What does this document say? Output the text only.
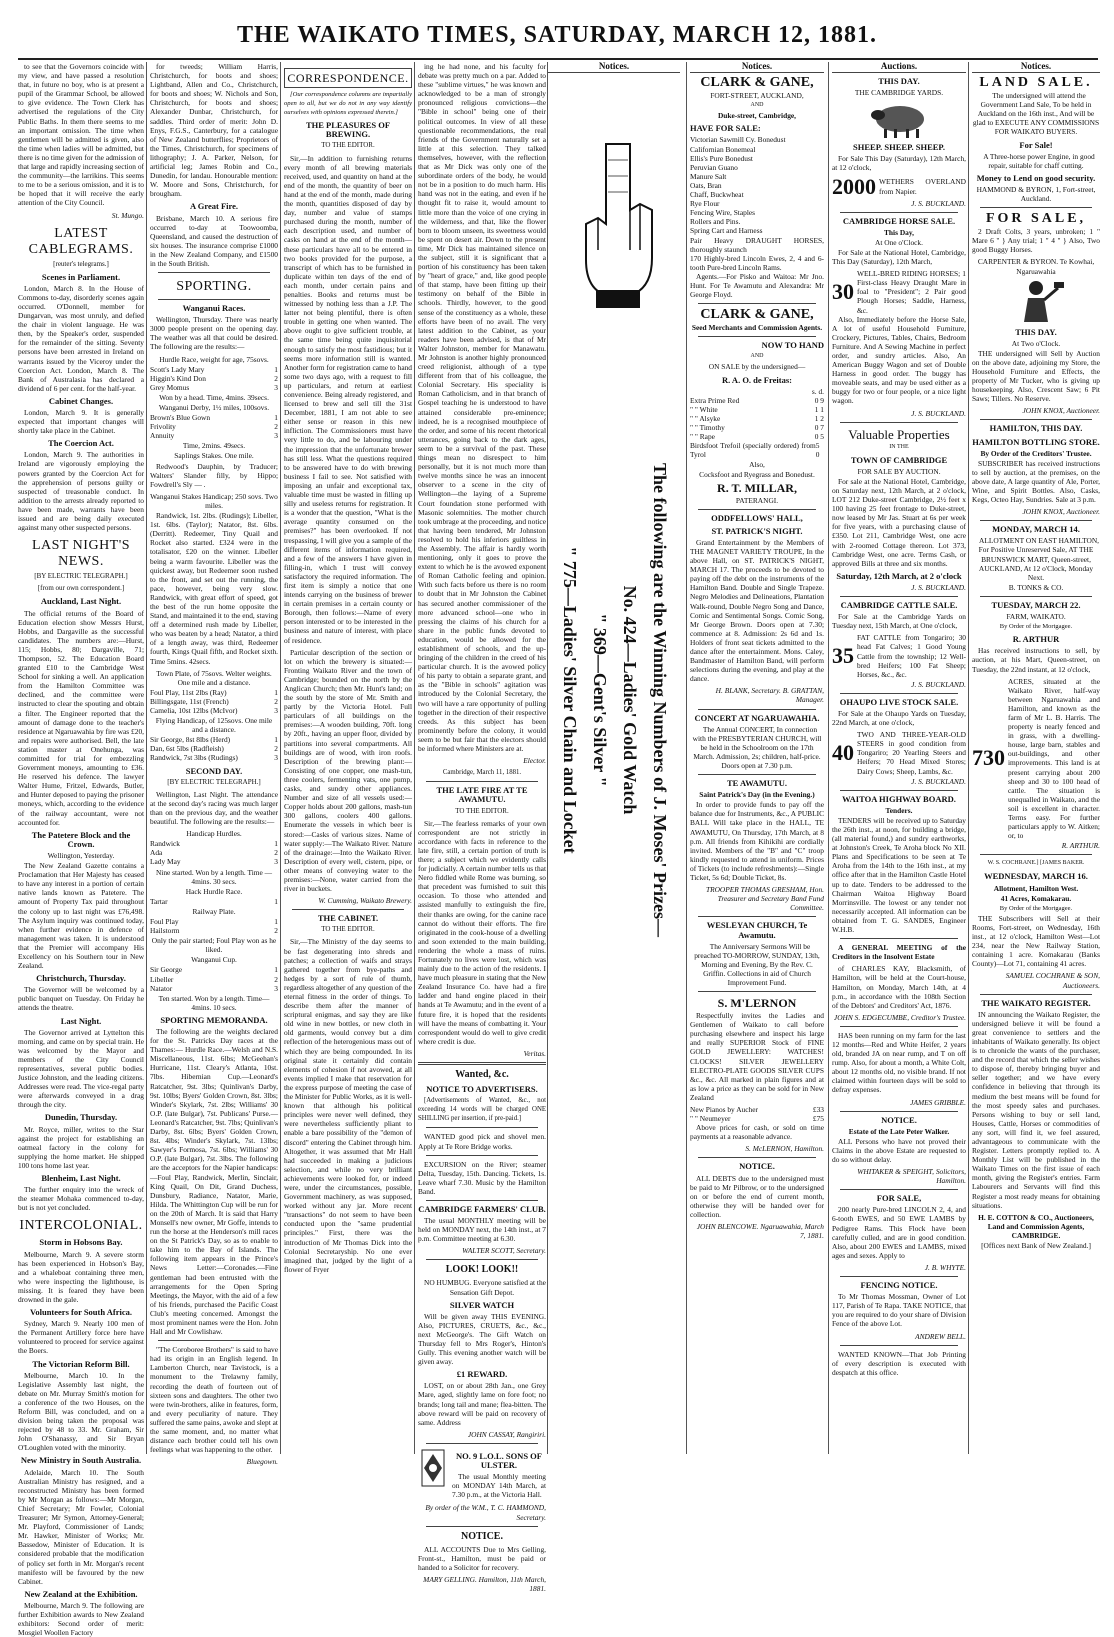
THE WAIKATO TIMES, SATURDAY, MARCH 12, 1881.

to see that the Governors coincide with my view, and have passed a resolution that, in future no boy, who is at present a pupil of the Grammar School, be allowed to give evidence. The Town Clerk has advertised the regulations of the City Public Baths. In them there seems to me an important omission. The time when gentlemen will be admitted is given, also the time when ladies will be admitted, but there is no time given for the admission of that large and rapidly increasing section of the community—the larrikins. This seems to me to be a serious omission, and it is to be hoped that it will receive the early attention of the City Council.

St. Mungo.
LATEST CABLEGRAMS.
[reuter's telegrams.]
Scenes in Parliament.

London, March 8. In the House of Commons to-day, disorderly scenes again occurred. O'Donnell, member for Dungarvan, was most unruly, and defied the chair in violent language. He was then, by the Speaker's order, suspended for the remainder of the sitting. Seventy persons have been arrested in Ireland on warrants issued by the Viceroy under the Coercion Act. London, March 8. The Bank of Australasia has declared a dividend of 6 per cent. for the half-year.

Cabinet Changes.

London, March 9. It is generally expected that important changes will shortly take place in the Cabinet.

The Coercion Act.

London, March 9. The authorities in Ireland are vigorously employing the powers granted by the Coercion Act for the apprehension of persons guilty or suspected of treasonable conduct. In addition to the arrests already reported to have been made, warrants have been issued and are being daily executed against many other suspected persons.

LAST NIGHT'S NEWS.
[BY ELECTRIC TELEGRAPH.]
[from our own correspondent.]
Auckland, Last Night.

The official returns of the Board of Education election show Messrs Hurst, Hobbs, and Dargaville as the successful candidates. The numbers are:—Hurst, 115; Hobbs, 80; Dargaville, 71; Thompson, 52. The Education Board granted £10 to the Cambridge West School for sinking a well. An application from the Hamilton Committee was declined, and the committee were instructed to clear the spouting and obtain a filter. The Engineer reported that the amount of damage done to the teacher's residence at Ngaruawahia by fire was £20, and repairs were authorised. Bell, the late station master at Onehunga, was committed for trial for embezzling Government moneys, amounting to £36. He reserved his defence. The lawyer Walter Hume, Fritzel, Edwards, Butler, and Hunter deposed to paying the prisoner moneys, which, according to the evidence of the railway accountant, were not accounted for.

The Patetere Block and the Crown.
Wellington, Yesterday.

The New Zealand Gazette contains a Proclamation that Her Majesty has ceased to have any interest in a portion of certain native lands known as Patetere. The amount of Property Tax paid throughout the colony up to last night was £76,498. The Asylum inquiry was continued today, when further evidence in defence of management was taken. It is understood that the Premier will accompany His Excellency on his Southern tour in New Zealand.

Christchurch, Thursday.

The Governor will be welcomed by a public banquet on Tuesday. On Friday he attends the theatre.

Last Night.

The Governor arrived at Lyttelton this morning, and came on by special train. He was welcomed by the Mayor and members of the City Council representatives, several public bodies. Justice Johnston, and the leading citizens. Addresses were read. The vice-regal party were afterwards conveyed in a drag through the city.

Dunedin, Thursday.

Mr. Royce, miller, writes to the Star against the project for establishing an oatmeal factory in the colony for supplying the home market. He shipped 100 tons home last year.

Blenheim, Last Night.

The further enquiry into the wreck of the steamer Mohaka commenced to-day, but is not yet concluded.

INTERCOLONIAL.
Storm in Hobsons Bay.

Melbourne, March 9. A severe storm has been experienced in Hobson's Bay, and a whaleboat containing three men, who were inspecting the lighthouse, is missing. It is feared they have been drowned in the gale.

Volunteers for South Africa.

Sydney, March 9. Nearly 100 men of the Permanent Artillery force here have volunteered to proceed for service against the Boers.

The Victorian Reform Bill.

Melbourne, March 10. In the Legislative Assembly last night, the debate on Mr. Murray Smith's motion for a conference of the two Houses, on the Reform Bill, was concluded, and on a division being taken the proposal was rejected by 48 to 33. Mr. Graham, Sir John O'Shanassy, and Sir Bryan O'Loughlen voted with the minority.

New Ministry in South Australia.

Adelaide, March 10. The South Australian Ministry has resigned, and a reconstructed Ministry has been formed by Mr Morgan as follows:—Mr Morgan, Chief Secretary; Mr Fowler, Colonial Treasurer; Mr Symon, Attorney-General; Mr. Playford, Commissioner of Lands; Mr. Hawker, Minister of Works; Mr. Bassedow, Minister of Education. It is considered probable that the modification of policy set forth in Mr. Morgan's recent manifesto will be favoured by the new Cabinet.

New Zealand at the Exhibition.

Melbourne, March 9. The following are further Exhibition awards to New Zealand exhibitors: Second order of merit: Mosgiel Woollen Factory

for tweeds; William Harris, Christchurch, for boots and shoes; Lightband, Allen and Co., Christchurch, for boots and shoes; W. Nichols and Son, Christchurch, for boots and shoes; Alexander Dunbar, Christchurch, for saddles. Third order of merit: John D. Enys, F.G.S., Canterbury, for a catalogue of New Zealand butterflies; Proprietors of the Times, Christchurch, for specimens of lithography; J. A. Parker, Nelson, for artificial leg; James Robin and Co., Dunedin, for landau. Honourable mention: W. Moore and Sons, Christchurch, for brougham.

A Great Fire.

Brisbane, March 10. A serious fire occurred to-day at Toowoomba, Queensland, and caused the destruction of six houses. The insurance comprise £1000 in the New Zealand Company, and £1500 in the South British.

SPORTING.
Wanganui Races.

Wellington, Thursday. There was nearly 3000 people present on the opening day. The weather was all that could be desired. The following are the results:—

Hurdle Race, weight for age, 75sovs.
Scott's Lady Mary	1
Higgin's Kind Don	2
Grey Momus	3
Won by a head. Time, 4mins. 39secs.
Wanganui Derby, 1½ miles, 100sovs.
Brown's Blue Gown	1
Frivolity	2
Annuity	3
Time, 2mins. 49secs.
Saplings Stakes. One mile.

Redwood's Dauphin, by Traducer; Walters' Slander filly, by Hippo; Fowdrell's Sly — .

Wanganui Stakes Handicap; 250 sovs. Two miles.

Randwick, 1st. 2lbs. (Rudings); Libeller, 1st. 6lbs. (Taylor); Natator, 8st. 6lbs. (Derritt). Redeemer, Tiny Quail and Rocket also started. £324 were in the totalisator, £20 on the winner. Libeller being a warm favourite. Libeller was the quickest away, but Redeemer soon rushed to the front, and set out the running, the pace, however, being very slow. Randwick, with great effort of speed, got the best of the run home opposite the Stand, and maintained it to the end, staving off a determined rush made by Libeller, who was beaten by a head; Natator, a third of a length away, was third, Redeemer fourth, Kings Quail fifth, and Rocket sixth. Time 5mins. 42secs.

Town Plate, of 75sovs. Welter weights. One mile and a distance.
Foul Play, 11st 2lbs (Ray)	1
Billingsgate, 11st (French)	2
Camelia, 10st 12lbs (McIvor)	3
Flying Handicap, of 125sovs. One mile and a distance.
Sir George, 8st 8lbs (Herd)	1
Dan, 6st 5lbs (Radfleish)	2
Randwick, 7st 3lbs (Rudings)	3
SECOND DAY.
[BY ELECTRIC TELEGRAPH.]

Wellington, Last Night. The attendance at the second day's racing was much larger than on the previous day, and the weather beautiful. The following are the results:—

Handicap Hurdles.
Randwick	1
Ada	2
Lady May	3
Nine started. Won by a length. Time —4mins. 30 secs.
Hack Hurdle Race.
Tartar	1
Railway Plate.
Foul Play	1
Hailstorm	2
Only the pair started; Foul Play won as he liked.
Wanganui Cup.
Sir George	1
Libeller	2
Natator	3
Ten started. Won by a length. Time—4mins. 10 secs.
SPORTING MEMORANDA.

The following are the weights declared for the St. Patricks Day races at the Thames:— Hurdle Race.—Welsh and N.S. Miscellaneous, 11st. 6lbs; McGeehan's Hurricane, 11st. Cleary's Atlanta, 10st. 7lbs. Hibernian Cup.—Leonard's Ratcatcher, 9st. 3lbs; Quinlivan's Darby, 9st. 10lbs; Byers' Golden Crown, 8st. 3lbs; Winder's Skylark, 7st. 2lbs; Williams' 30 O.P. (late Bulgar), 7st. Publicans' Purse.—Leonard's Ratcatcher, 9st. 7lbs; Quinlivan's Darby, 8st. 6lbs; Byers' Golden Crown, 8st. 4lbs; Winder's Skylark, 7st. 13lbs; Sawyer's Formosa, 7st. 6lbs; Williams' 30 O.P. (late Bulgar), 7st. 3lbs. The following are the acceptors for the Napier handicaps:—Foul Play, Randwick, Merlin, Sinclair, King Quail, On Dit, Grand Duchess, Dunsbury, Radiance, Natator, Marie, Hilda. The Whittington Cup will be run for on the 20th of March. It is said that Harry Monsell's new owner, Mr Goffe, intends to run the horse at the Henderson's mill races on the St Patrick's Day, so as to enable to take him to the Bay of Islands. The following item appears in the Prince's News Letter:—Coronades.—Fine gentleman had been entrusted with the arrangements for the Open Spring Meetings, the Mayor, with the aid of a few of his friends, purchased the Pacific Coast Club's meeting concerned. Amongst the most prominent names were the Hon. John Hall and Mr Cowlishaw.

"The Coroboree Brothers" is said to have had its origin in an English legend. In Lamberton Church, near Tavistock, is a monument to the Trelawny family, recording the death of fourteen out of sixteen sons and daughters. The other two were twin-brothers, alike in features, form, and every peculiarity of nature. They suffered the same pains, awoke and slept at the same moment, and, no matter what distance each brother could tell his own feelings what was happening to the other.

Bluegown.
CORRESPONDENCE.

[Our correspondence columns are impartially open to all, but we do not in any way identify ourselves with opinions expressed therein.]

THE PLEASURES OF BREWING.
TO THE EDITOR.

Sir,—In addition to furnishing returns every month of all brewing materials received, used, and quantity on hand at the end of the month, the quantity of beer on hand at the end of the month, made during the month, quantities disposed of day by day, number and value of stamps purchased during the month, number of each description used, and number of casks on hand at the end of the month—these particulars have all to be entered in two books provided for the purpose, a transcript of which has to be furnished in duplicate within ten days of the end of each month, under certain pains and penalties. Books and returns must be witnessed by nothing less than a J.P. The latter not being plentiful, there is often trouble in getting one when wanted. The above ought to give sufficient trouble, at the same time being quite inquisitorial enough to satisfy the most fastidious; but it seems more information still is wanted. Another form for registration came to hand some two days ago, with a request to fill up particulars, and return at earliest convenience. Being already registered, and licensed to brew and sell till the 31st December, 1881, I am not able to see either sense or reason in this new infliction. The Commissioners must have very little to do, and be labouring under the impression that the unfortunate brewer has still less. What the questions required to be answered have to do with brewing business I fail to see. Not satisfied with imposing an unfair and exceptional tax, valuable time must be wasted in filling up silly and useless returns for registration. It is a wonder that the question, "What is the average quantity consumed on the premises?" has been overlooked. If not trespassing, I will give you a sample of the different items of information required, and a few of the answers I have given in filling-in, which I trust will convey satisfactory the required information. The first item is simply a notice that one intends carrying on the business of brewer in certain premises in a certain county or Borough, then follows:—Name of every person interested or to be interested in the business and nature of interest, with place of residence.

Particular description of the section or lot on which the brewery is situated:—Fronting Waikato River and the town of Cambridge; bounded on the north by the Anglican Church; then Mr. Hunt's land; on the south by the store of Mr. Smith and partly by the Victoria Hotel. Full particulars of all buildings on the premises:—A wooden building, 70ft. long by 20ft., having an upper floor, divided by partitions into several compartments. All buildings are of wood, with iron roofs. Description of the brewing plant:—Consisting of one copper, one mash-tun, three coolers, fermenting vats, one pump, casks, and sundry other appliances. Number and size of all vessels used:—Copper holds about 200 gallons, mash-tun 300 gallons, coolers 400 gallons. Enumerate the vessels in which beer is stored:—Casks of various sizes. Name of water supply:—The Waikato River. Nature of the drainage:—Into the Waikato River. Description of every well, cistern, pipe, or other means of conveying water to the premises:—None, water carried from the river in buckets.

W. Cumming, Waikato Brewery.
THE CABINET.
TO THE EDITOR.

Sir,—The Ministry of the day seems to be fast degenerating into shreds and patches; a collection of waifs and strays gathered together from bye-paths and hedges by a sort of rule of thumb, regardless altogether of any question of the eternal fitness in the order of things. To describe them after the manner of scriptural enigmas, and say they are like old wine in new bottles, or new cloth in old garments, would convey but a dim reflection of the heterogenious mass out of which they are being compounded. In its original state it certainly did contain elements of cohesion if not avowed, at all events implied I make that reservation for the express purpose of meeting the case of the Minister for Public Works, as it is well-known that although his political principles were never well defined, they were nevertheless sufficiently pliant to enable a bare possibility of the "demon of discord" entering the Cabinet through him. Altogether, it was assumed that Mr Hall had succeeded in making a judicious selection, and while no very brilliant achievements were looked for, or indeed were, under the circumstances, possible, Government machinery, as was supposed, worked without any jar. More recent "transactions" do not seem to have been conducted upon the "same prudential principles." First, there was the introduction of Mr Thomas Dick into the Colonial Secretaryship. No one ever imagined that, judged by the light of a flower of Fryer

ing he had none, and his faculty for debate was pretty much on a par. Added to these "sublime virtues," he was known and acknowledged to be a man of strongly pronounced religious convictions—the "Bible in school" being one of their political outcomes. In view of all these questionable recommendations, the real friends of the Government naturally set a little at this selection. They talked themselves, however, with the reflection that as Mr Dick was only one of the subordinate orders of the body, he would not be in a position to do much harm. His hand was not in the eating, and even if he thought fit to raise it, would amount to little more than the voice of one crying in the wilderness, and that, like the flower born to bloom unseen, its sweetness would be spent on desert air. Down to the present time, Mr Dick has maintained silence on the subject, still it is significant that a portion of his constituency has been taken by "heart of grace," and, like good people of that stamp, have been fitting up their testimony on behalf of the Bible in schools. Thirdly, however, to the good sense of the constituency as a whole, these efforts have been of no avail. The very latest addition to the Cabinet, as your readers have been advised, is that of Mr Walter Johnston, member for Manawatu. Mr Johnston is another highly pronounced creed religionist, although of a type different from that of his colleague, the Colonial Secretary. His speciality is Roman Catholicism, and in that branch of Gospel teaching he is understood to have attained considerable pre-eminence; indeed, he is a recognised mouthpiece of the order, and some of his recent rhetorical utterances, going back to the dark ages, seem to be a survival of the past. These things mean no disrespect to him personally, but it is not much more than twelve months since he was an innocent observer to a scene in the city of Wellington—the laying of a Supreme Court foundation stone performed with Masonic solemnities. The mother church took umbrage at the proceeding, and notice that having been tendered, Mr Johnston resolved to hold his inferiors guiltless in the Assembly. The affair is hardly worth mentioning, only it goes to prove the extent to which he is the avowed exponent of Roman Catholic feeling and opinion. With such facts before us there is no room to doubt that in Mr Johnston the Cabinet has secured another commissioner of the more advanced school—one who in pressing the claims of his church for a share in the public funds devoted to education, would be allowed for the establishment of schools, and the up-bringing of the children in the creed of his particular church. It is the avowed policy of his party to obtain a separate grant, and as the "Bible in schools" agitation was introduced by the Colonial Secretary, the two will have a rare opportunity of pulling together in the direction of their respective creeds. As this subject has been prominently before the colony, it would seem to be but fair that the electors should be informed where Ministers are at.

Elector.
Cambridge, March 11, 1881.
THE LATE FIRE AT TE AWAMUTU.
TO THE EDITOR.

Sir,—The fearless remarks of your own correspondent are not strictly in accordance with facts in reference to the late fire, still, a certain portion of truth is there; a subject which we evidently calls for judicially. A certain number tells us that Nero fiddled while Rome was burning, so that precedent was furnished to suit this occasion. To those who attended and assisted manfully to extinguish the fire, their thanks are owing, for the canine race cannot do without their efforts. The fire originated in the cook-house of a dwelling and soon extended to the main building, rendering the whole a mass of ruins. Fortunately no lives were lost, which was mainly due to the action of the residents. I have much pleasure in stating that the New Zealand Insurance Co. have had a fire ladder and hand engine placed in their hands at Te Awamutu; and in the event of a future fire, it is hoped that the residents will have the means of combatting it. Your correspondent would do well to give credit where credit is due.

Veritas.
Wanted, &c.
NOTICE TO ADVERTISERS.

[Advertisements of Wanted, &c., not exceeding 14 words will be charged ONE SHILLING per insertion, if pre-paid.]

WANTED good pick and shovel men. Apply at Te Rore Bridge works.

EXCURSION on the River; steamer Delta, Tuesday, 15th. Dancing. Tickets, 1s. Leave wharf 7.30. Music by the Hamilton Band.

CAMBRIDGE FARMERS' CLUB.

The usual MONTHLY meeting will be held on MONDAY next, the 14th inst., at 7 p.m. Committee meeting at 6.30.

WALTER SCOTT, Secretary.
LOOK! LOOK!!

NO HUMBUG. Everyone satisfied at the Sensation Gift Depot.

SILVER WATCH

Will be given away THIS EVENING. Also, PICTURES, CRUETS, &c., &c., next McGeorge's. The Gift Watch on Thursday fell to Mrs Roger's, Hinton's Gully. This evening another watch will be given away.

£1 REWARD.

LOST, on or about 28th Jan., one Grey Mare, aged, slightly lame on fore foot; no brands; long tail and mane; flea-bitten. The above reward will be paid on recovery of same. Address

JOHN CASSAY, Rangiriri.
NO. 9 L.O.L. SONS OF ULSTER.

The usual Monthly meeting on MONDAY 14th March, at 7.30 p.m., at the Victoria Hall.

By order of the W.M., T. C. HAMMOND, Secretary.
NOTICE.

ALL ACCOUNTS Due to Mrs Gelling, Front-st., Hamilton, must be paid or handed to a Solicitor for recovery.

MARY GELLING. Hamilton, 11th March, 1881.
Notices.
The following are the Winning Numbers of J. Moses' Prizes—
No. 424—Ladies' Gold Watch
" 369—Gent's Silver "
" 775—Ladies' Silver Chain and Locket
Notices.
CLARK & GANE,
FORT-STREET, AUCKLAND,
AND
Duke-street, Cambridge,
HAVE FOR SALE:
Victorian Sawmill Cy. Bonedust
Californian Bonemeal
Ellis's Pure Bonedust
Peruvian Guano
Manure Salt
Oats, Bran
Chaff, Buckwheat
Rye Flour
Fencing Wire, Staples
Rollers and Pins.
Spring Cart and Harness
Pair Heavy DRAUGHT HORSES, thoroughly staunch
170 Highly-bred Lincoln Ewes, 2, 4 and 6-tooth Pure-bred Lincoln Rams.

Agents.—For Pisko and Waitoa: Mr Jno. Hunt. For Te Awamutu and Alexandra: Mr George Floyd.

CLARK & GANE,
Seed Merchants and Commission Agents.
NOW TO HAND
AND
ON SALE by the undersigned—
R. A. O. de Freitas:
s. d.
Extra Prime Red	0 9
" " White	1 1
" " Alsyke	1 2
" " Timothy	0 7
" " Rape	0 5
Birdsfoot Trefoil (specially ordered) from Tyrol
5 0
Also,
Cocksfoot and Ryegrass and Bonedust.
R. T. MILLAR,
PATERANGI.
ODDFELLOWS' HALL,
ST. PATRICK'S NIGHT.

Grand Entertainment by the Members of THE MAGNET VARIETY TROUPE, In the above Hall, on ST. PATRICK'S NIGHT, MARCH 17. The proceeds to be devoted to paying off the debt on the instruments of the Hamilton Band. Double and Single Trapeze. Negro Melodies and Delineations, Plantation Walk-round, Double Negro Song and Dance, Comic and Sentimental Songs. Comic Song, Mr George Brown. Doors open at 7.30; commence at 8. Admission: 2s 6d and 1s. Holders of front seat tickets admitted to the dance after the entertainment. Mons. Caley, Bandmaster of Hamilton Band, will perform selections during the evening, and play at the dance.

H. BLANK, Secretary. B. GRATTAN, Manager.
CONCERT AT NGARUAWAHIA.

The Annual CONCERT, In connection with the PRESBYTERIAN CHURCH, will be held in the Schoolroom on the 17th March. Admission, 2s; children, half-price. Doors open at 7.30 p.m.

TE AWAMUTU.
Saint Patrick's Day (in the Evening.)

In order to provide funds to pay off the balance due for Instruments, &c., A PUBLIC BALL Will take place in the HALL, TE AWAMUTU, On Thursday, 17th March, at 8 p.m. All friends from Kihikihi are cordially invited. Members of the "B" and "C" troop kindly requested to attend in uniform. Prices of Tickets (to include refreshments):—Single Ticket, 5s 6d; Double Ticket, 8s.

TROOPER THOMAS GRESHAM, Hon. Treasurer and Secretary Band Fund Committee.
WESLEYAN CHURCH, Te Awamutu.

The Anniversary Sermons Will be preached TO-MORROW, SUNDAY, 13th, Morning and Evening, By the Rev. C. Griffin. Collections in aid of Church Improvement Fund.

S. M'LERNON

Respectfully invites the Ladies and Gentlemen of Waikato to call before purchasing elsewhere and inspect his large and really SUPERIOR Stock of FINE GOLD JEWELLERY: WATCHES! CLOCKS! SILVER JEWELLERY ELECTRO-PLATE GOODS SILVER CUPS &c., &c. All marked in plain figures and at as low a price as they can be sold for in New Zealand

New Pianos by Aucher	£33
" " Neumeyer	£75

Above prices for cash, or sold on time payments at a reasonable advance.

S. McLERNON, Hamilton.
NOTICE.

ALL DEBTS due to the undersigned must be paid to Mr Pilbrow, or to the undersigned on or before the end of current month, otherwise they will be handed over for collection.

JOHN BLENCOWE. Ngaruawahia, March 7, 1881.
Auctions.
THIS DAY.
THE CAMBRIDGE YARDS.
SHEEP. SHEEP. SHEEP.

For Sale This Day (Saturday), 12th March, at 12 o'clock,

2000 WETHERS OVERLAND from Napier.
J. S. BUCKLAND.
CAMBRIDGE HORSE SALE.
This Day,
At One o'Clock.

For Sale at the National Hotel, Cambridge, This Day (Saturday), 12th March,

30
WELL-BRED RIDING HORSES; 1 First-class Heavy Draught Mare in foal to "President"; 2 Pair good Plough Horses; Saddle, Harness, &c.

Also, Immediately before the Horse Sale, A lot of useful Household Furniture, Crockery, Pictures, Tables, Chairs, Bedroom Furniture. And A Sewing Machine in perfect order, and sundry articles. Also, An American Buggy Wagon and set of Double Harness in good order. The buggy has moveable seats, and may be used either as a buggy for two or four people, or a nice light wagon.

J. S. BUCKLAND.
Valuable Properties
IN THE
TOWN OF CAMBRIDGE
FOR SALE BY AUCTION.

For sale at the National Hotel, Cambridge, on Saturday next, 12th March, at 2 o'clock, LOT 212 Duke-street Cambridge, 2½ feet x 100 having 25 feet frontage to Duke-street, now leased by Mr Jas. Stuart at 6s per week for five years, with a purchasing clause of £350. Lot 211, Cambridge West, one acre with 2-roomed Cottage thereon. Lot 373, Cambridge West, one acre. Terms Cash, or approved Bills at three and six months.

Saturday, 12th March, at 2 o'clock
J. S. BUCKLAND.
CAMBRIDGE CATTLE SALE.

For Sale at the Cambridge Yards on Tuesday next, 15th March, at One o'clock,

35
FAT CATTLE from Tongariro; 30 head Fat Calves; 1 Good Young Cattle from the township; 12 Well-bred Heifers; 100 Fat Sheep; Horses, &c., &c.
J. S. BUCKLAND.
OHAUPO LIVE STOCK SALE.

For Sale at the Ohaupo Yards on Tuesday, 22nd March, at one o'clock,

40
TWO AND THREE-YEAR-OLD STEERS in good condition from Tongariro; 20 Yearling Steers and Heifers; 70 Head Mixed Stores; Dairy Cows; Sheep, Lambs, &c.
J. S. BUCKLAND.
WAITOA HIGHWAY BOARD.
Tenders.

TENDERS will be received up to Saturday the 26th inst., at noon, for building a bridge, (all material found,) and sundry earthworks, at Johnston's Creek, Te Aroha block No XII. Plans and Specifications to be seen at Te Aroha from the 14th to the 16th inst., at my office after that in the Hamilton Castle Hotel up to date. Tenders to be addressed to the Chairman Waitoa Highway Board Morrinsville. The lowest or any tender not necessarily accepted. All information can be obtained from T. G. SANDES, Engineer W.H.B.

A GENERAL MEETING of the Creditors in the Insolvent Estate

of CHARLES KAY, Blacksmith, of Hamilton, will be held at the Court-house, Hamilton, on Monday, March 14th, at 4 p.m., in accordance with the 108th Section of the Debtors' and Creditors' Act, 1876.

JOHN S. EDGECUMBE, Creditor's Trustee.

HAS been running on my farm for the last 12 months—Red and White Heifer, 2 years old, branded JA on near rump, and T on off rump. Also, for about a month, a White Colt, about 12 months old, no visible brand. If not claimed within fourteen days will be sold to defray expenses.

JAMES GRIBBLE.
NOTICE.
Estate of the Late Peter Walker.

ALL Persons who have not proved their Claims in the above Estate are requested to do so without delay.

WHITAKER & SPEIGHT, Solicitors, Hamilton.
FOR SALE,

200 nearly Pure-bred LINCOLN 2, 4, and 6-tooth EWES, and 50 EWE LAMBS by Pedigree Rams. This Flock have been carefully culled, and are in good condition. Also, about 200 EWES and LAMBS, mixed ages and sexes. Apply to

J. B. WHYTE.
FENCING NOTICE.

To Mr Thomas Mossman, Owner of Lot 117, Parish of Te Rapa. TAKE NOTICE, that you are required to do your share of Division Fence of the above Lot.

ANDREW BELL.

WANTED KNOWN—That Job Printing of every description is executed with despatch at this office.

Notices.
LAND SALE.

The undersigned will attend the Government Land Sale, To be held in Auckland on the 16th inst., And will be glad to EXECUTE ANY COMMISSIONS FOR WAIKATO BUYERS.

For Sale!

A Three-horse power Engine, in good repair, suitable for chaff cutting.

Money to Lend on good security.
HAMMOND & BYRON, 1, Fort-street, Auckland.
FOR SALE,

2 Draft Colts, 3 years, unbroken; 1 " Mare 6 " } Any trial; 1 " 4 " } Also, Two good Buggy Horses.

CARPENTER & BYRON. Te Kowhai, Ngaruawahia
THIS DAY.
At Two o'Clock.

THE undersigned will Sell by Auction on the above date, adjoining my Store, the Household Furniture and Effects, the property of Mr Tucker, who is giving up housekeeping. Also, Crescent Saw; 6 Pit Saws; Tillers. No Reserve.

JOHN KNOX, Auctioneer.
HAMILTON, THIS DAY.
HAMILTON BOTTLING STORE.
By Order of the Creditors' Trustee.

SUBSCRIBER has received instructions to sell by auction, at the premises, on the above date, A large quantity of Ale, Porter, Wine, and Spirit Bottles. Also, Casks, Kegs, Octeo Hay, Sundries. Sale at 3 p.m.

JOHN KNOX, Auctioneer.
MONDAY, MARCH 14.

ALLOTMENT ON EAST HAMILTON, For Positive Unreserved Sale, AT THE BRUNSWICK MART, Queen-street, AUCKLAND, At 12 o'Clock, Monday Next.

B. TONKS & CO.
TUESDAY, MARCH 22.
FARM, WAIKATO.
By Order of the Mortgagee.
R. ARTHUR

Has received instructions to sell, by auction, at his Mart, Queen-street, on Tuesday, the 22nd instant, at 12 o'clock,

730
ACRES, situated at the Waikato River, half-way between Ngaruawahia and Hamilton, and known as the farm of Mr L. B. Harris. The property is nearly fenced and in grass, with a dwelling-house, large barn, stables and out-buildings, and other improvements. This land is at present carrying about 200 sheep and 30 to 100 head of cattle. The situation is unequalled in Waikato, and the soil is excellent in character. Terms easy. For further particulars apply to W. Aitken; or, to
R. ARTHUR.
W. S. COCHRANE.] [JAMES BAKER.
WEDNESDAY, MARCH 16.
Allotment, Hamilton West.
41 Acres, Komakarau.
By Order of the Mortgagee.

THE Subscribers will Sell at their Rooms, Fort-street, on Wednesday, 16th inst., at 12 o'clock, Hamilton West—Lot 234, near the New Railway Station, containing 1 acre. Komakarau (Banks County)—Lot 71, containing 41 acres.

SAMUEL COCHRANE & SON, Auctioneers.
THE WAIKATO REGISTER.

IN announcing the Waikato Register, the undersigned believe it will be found a great convenience to settlers and the inhabitants of Waikato generally. Its object is to chronicle the wants of the purchaser, and the record that which the seller wishes to dispose of, thereby bringing buyer and seller together; and we have every confidence in believing that through its medium the best means will be found for the most speedy sales and purchases. Persons wishing to buy or sell land, Houses, Cattle, Horses or commodities of any sort, will find it, we feel assured, advantageous to communicate with the Register. Letters promptly replied to. A Monthly List will be published in the Waikato Times on the first issue of each month, giving the Register's entries. Farm Labourers and Servants will find this Register a most ready means for obtaining situations.

H. E. COTTON & CO., Auctioneers, Land and Commission Agents, CAMBRIDGE.
[Offices next Bank of New Zealand.]
